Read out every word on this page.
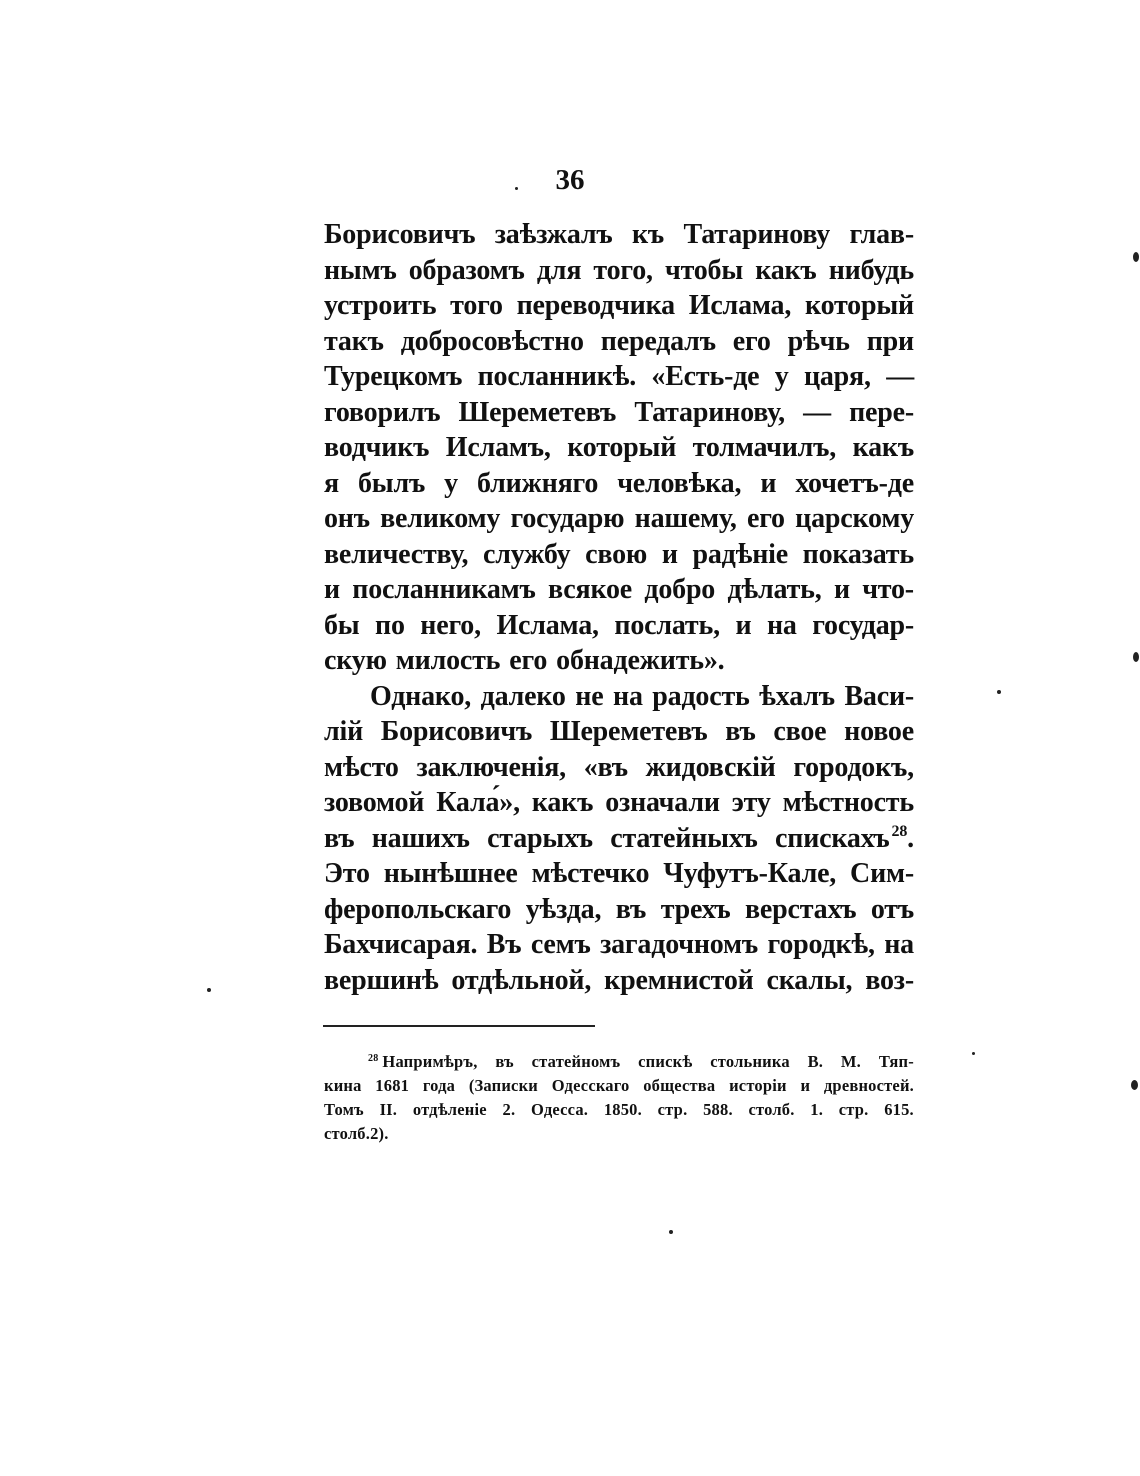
36
Борисовичъ заѣзжалъ къ Татаринову глав-
нымъ образомъ для того, чтобы какъ нибудь
устроить того переводчика Ислама, который
такъ добросовѣстно передалъ его рѣчь при
Турецкомъ посланникѣ. «Есть-де у царя, —
говорилъ Шереметевъ Татаринову, — пере-
водчикъ Исламъ, который толмачилъ, какъ
я былъ у ближняго человѣка, и хочетъ-де
онъ великому государю нашему, его царскому
величеству, службу свою и радѣніе показать
и посланникамъ всякое добро дѣлать, и что-
бы по него, Ислама, послать, и на государ-
скую милость его обнадежить».
Однако, далеко не на радость ѣхалъ Васи-
лій Борисовичъ Шереметевъ въ свое новое
мѣсто заключенія, «въ жидовскій городокъ,
зовомой Кала́», какъ означали эту мѣстность
въ нашихъ старыхъ статейныхъ спискахъ $^{28}$.
Это нынѣшнее мѣстечко Чуфутъ-Кале, Сим-
феропольскаго уѣзда, въ трехъ верстахъ отъ
Бахчисарая. Въ семъ загадочномъ городкѣ, на
вершинѣ отдѣльной, кремнистой скалы, воз-
$^{28}$ Напримѣръ, въ статейномъ спискѣ стольника В. М. Тяп-
кина 1681 года (Записки Одесскаго общества исторіи и древностей.
Томъ II. отдѣленіе 2. Одесса. 1850. стр. 588. столб. 1. стр. 615.
столб. 2).
